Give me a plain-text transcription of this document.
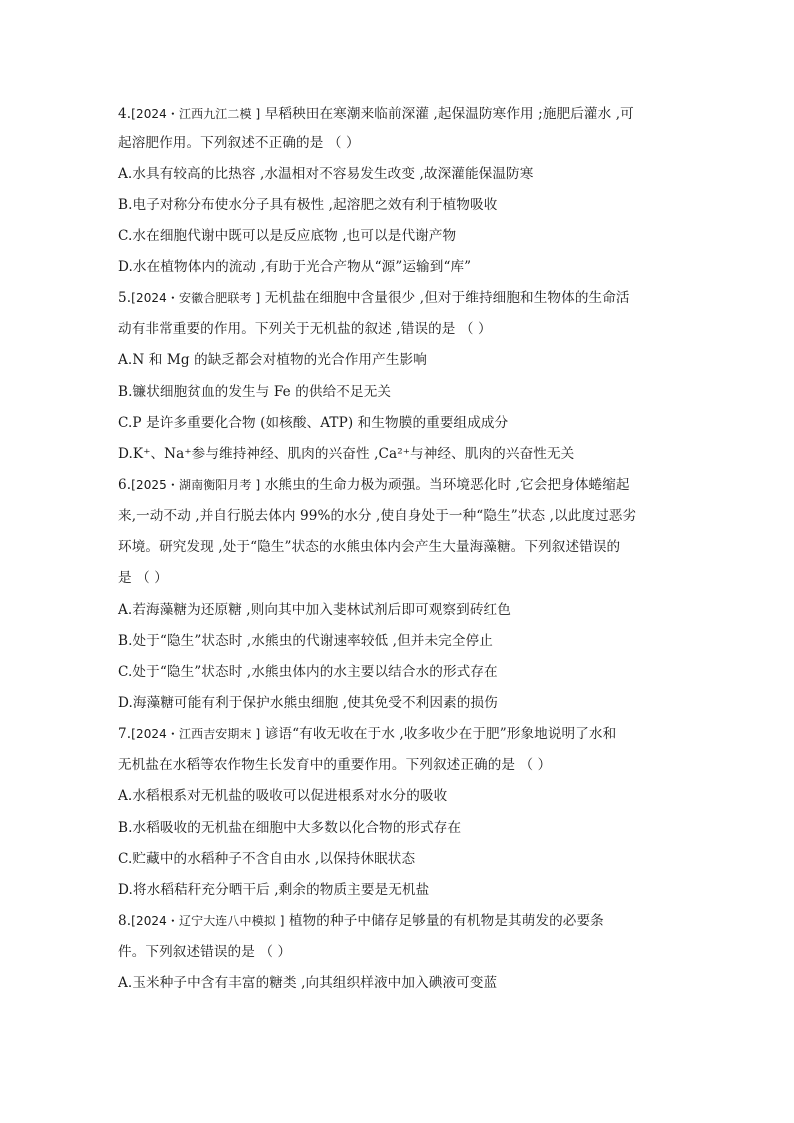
4.[2024・江西九江二模 ] 早稻秧田在寒潮来临前深灌 ,起保温防寒作用 ;施肥后灌水 ,可
起溶肥作用。下列叙述不正确的是 （ ）
A.水具有较高的比热容 ,水温相对不容易发生改变 ,故深灌能保温防寒
B.电子对称分布使水分子具有极性 ,起溶肥之效有利于植物吸收
C.水在细胞代谢中既可以是反应底物 ,也可以是代谢产物
D.水在植物体内的流动 ,有助于光合产物从“源”运输到“库”
5.[2024・安徽合肥联考 ] 无机盐在细胞中含量很少 ,但对于维持细胞和生物体的生命活
动有非常重要的作用。下列关于无机盐的叙述 ,错误的是 （ ）
A.N 和 Mg 的缺乏都会对植物的光合作用产生影响
B.镰状细胞贫血的发生与 Fe 的供给不足无关
C.P 是许多重要化合物 (如核酸、ATP) 和生物膜的重要组成成分
D.K⁺、Na⁺参与维持神经、肌肉的兴奋性 ,Ca²⁺与神经、肌肉的兴奋性无关
6.[2025・湖南衡阳月考 ] 水熊虫的生命力极为顽强。当环境恶化时 ,它会把身体蜷缩起
来,一动不动 ,并自行脱去体内 99%的水分 ,使自身处于一种“隐生”状态 ,以此度过恶劣
环境。研究发现 ,处于“隐生”状态的水熊虫体内会产生大量海藻糖。下列叙述错误的
是 （ ）
A.若海藻糖为还原糖 ,则向其中加入斐林试剂后即可观察到砖红色
B.处于“隐生”状态时 ,水熊虫的代谢速率较低 ,但并未完全停止
C.处于“隐生”状态时 ,水熊虫体内的水主要以结合水的形式存在
D.海藻糖可能有利于保护水熊虫细胞 ,使其免受不利因素的损伤
7.[2024・江西吉安期末 ] 谚语“有收无收在于水 ,收多收少在于肥”形象地说明了水和
无机盐在水稻等农作物生长发育中的重要作用。下列叙述正确的是 （ ）
A.水稻根系对无机盐的吸收可以促进根系对水分的吸收
B.水稻吸收的无机盐在细胞中大多数以化合物的形式存在
C.贮藏中的水稻种子不含自由水 ,以保持休眠状态
D.将水稻秸秆充分晒干后 ,剩余的物质主要是无机盐
8.[2024・辽宁大连八中模拟 ] 植物的种子中储存足够量的有机物是其萌发的必要条
件。下列叙述错误的是 （ ）
A.玉米种子中含有丰富的糖类 ,向其组织样液中加入碘液可变蓝
